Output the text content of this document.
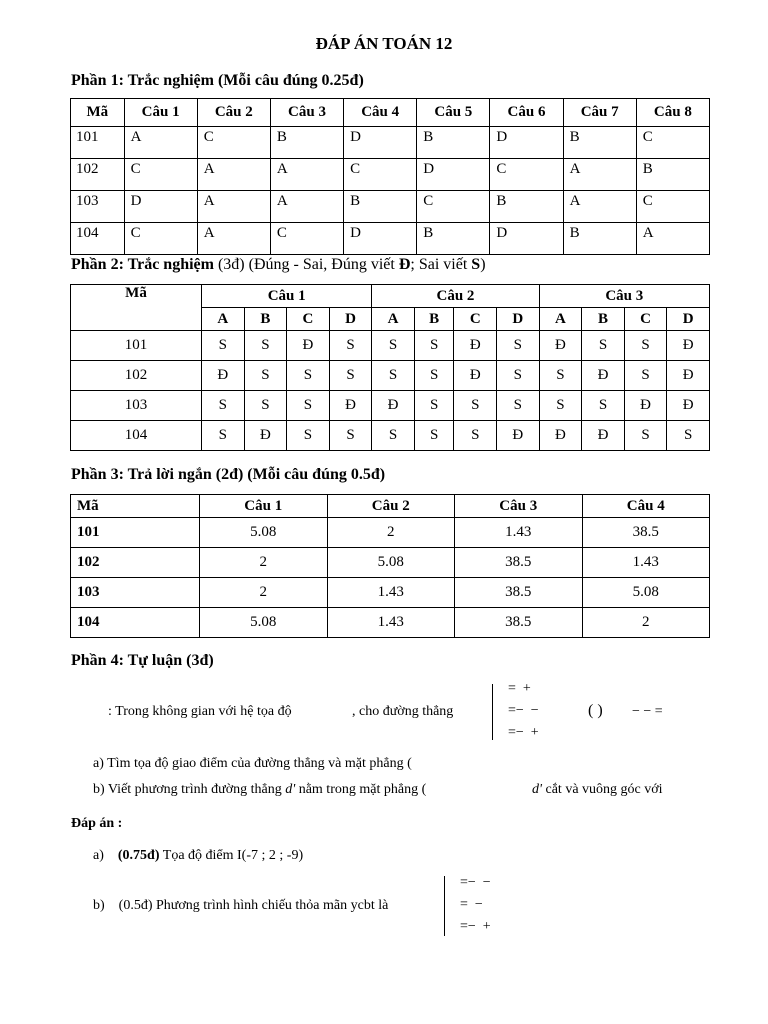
ĐÁP ÁN TOÁN 12
Phần 1: Trắc nghiệm (Mỗi câu đúng 0.25đ)
Mã	Câu 1	Câu 2	Câu 3	Câu 4	Câu 5	Câu 6	Câu 7	Câu 8
101	A	C	B	D	B	D	B	C
102	C	A	A	C	D	C	A	B
103	D	A	A	B	C	B	A	C
104	C	A	C	D	B	D	B	A
Phần 2: Trắc nghiệm (3đ) (Đúng - Sai, Đúng viết Đ; Sai viết S)
Mã	Câu 1				Câu 2				Câu 3			
	A	B	C	D	A	B	C	D	A	B	C	D
101	S	S	Đ	S	S	S	Đ	S	Đ	S	S	Đ
102	Đ	S	S	S	S	S	Đ	S	S	Đ	S	Đ
103	S	S	S	Đ	Đ	S	S	S	S	S	Đ	Đ
104	S	Đ	S	S	S	S	S	Đ	Đ	Đ	S	S
Phần 3: Trả lời ngắn (2đ) (Mỗi câu đúng 0.5đ)
Mã	Câu 1	Câu 2	Câu 3	Câu 4
101	5.08	2	1.43	38.5
102	2	5.08	38.5	1.43
103	2	1.43	38.5	5.08
104	5.08	1.43	38.5	2
Phần 4: Tự luận (3đ)
: Trong không gian với hệ tọa độ	, cho đường thẳng
=  +
=−  −
=−  +
( ) − − =
a) Tìm tọa độ giao điểm của đường thẳng và mặt phẳng (
b) Viết phương trình đường thẳng d' nằm trong mặt phẳng (	d' cắt và vuông góc với
Đáp án :
a) (0.75đ) Tọa độ điểm I(-7 ; 2 ; -9)
b) (0.5đ) Phương trình hình chiếu thỏa mãn ycbt là
=−  −
=  −
=−  +
